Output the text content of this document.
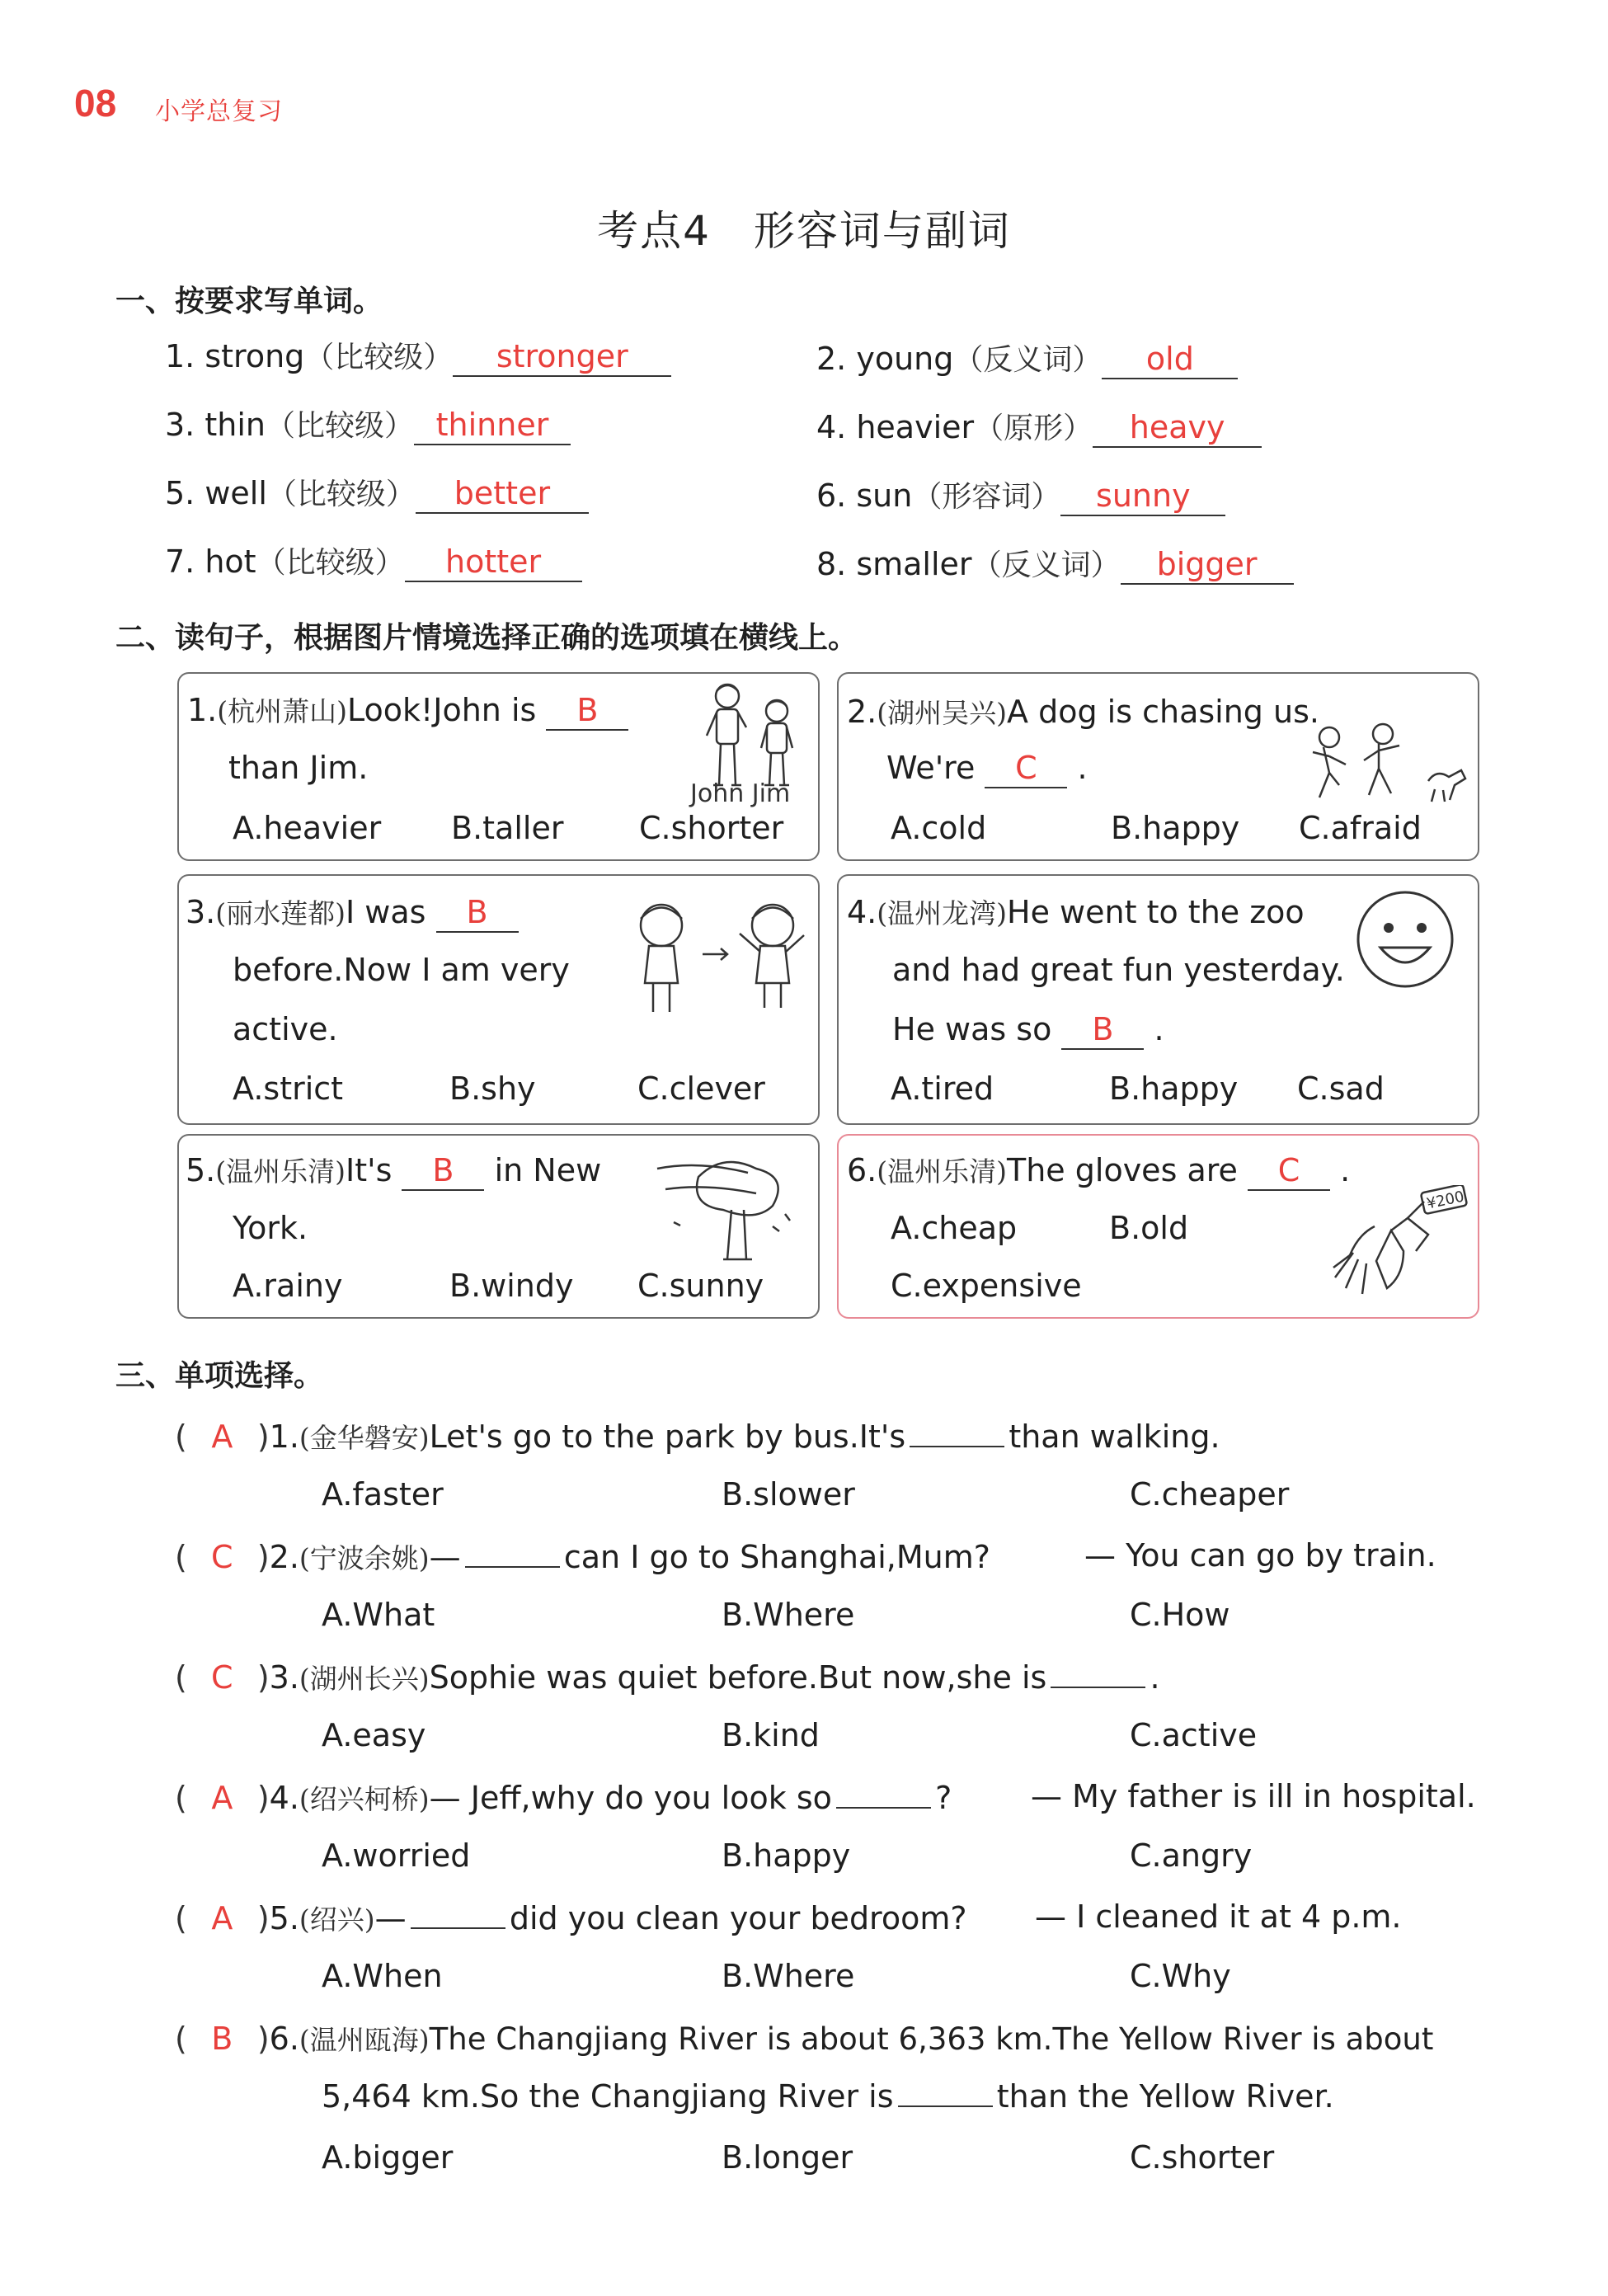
08 小学总复习
考点4　形容词与副词
一、按要求写单词。
1. strong（比较级） stronger	2. young（反义词） old
3. thin（比较级） thinner	4. heavier（原形） heavy
5. well（比较级） better	6. sun（形容词） sunny
7. hot（比较级） hotter	8. smaller（反义词） bigger
二、读句子，根据图片情境选择正确的选项填在横线上。
1.(杭州萧山)Look!John is B
than Jim.
A.heavier B.taller C.shorter
John Jim
2.(湖州吴兴)A dog is chasing us.
We're C .
A.cold	B.happy C.afraid
3.(丽水莲都)I was B
before.Now I am very
active.
A.strict	B.shy	C.clever
4.(温州龙湾)He went to the zoo
and had great fun yesterday.
He was so B .
A.tired	B.happy C.sad
5.(温州乐清)It's B in New
York.
A.rainy	B.windy C.sunny
6.(温州乐清)The gloves are C .
A.cheap	B.old
C.expensive
¥200
三、单项选择。
( A )1.(金华磐安)Let's go to the park by bus.It's	than walking.
A.faster	B.slower	C.cheaper
( C )2.(宁波余姚)—	can I go to Shanghai,Mum?	— You can go by train.
A.What	B.Where	C.How
( C )3.(湖州长兴)Sophie was quiet before.But now,she is	.
A.easy	B.kind	C.active
( A )4.(绍兴柯桥)— Jeff,why do you look so	?	— My father is ill in hospital.
A.worried	B.happy	C.angry
( A )5.(绍兴)—	did you clean your bedroom? — I cleaned it at 4 p.m.
A.When	B.Where	C.Why
( B )6.(温州瓯海)The Changjiang River is about 6,363 km.The Yellow River is about
5,464 km.So the Changjiang River is	than the Yellow River.
A.bigger	B.longer	C.shorter
